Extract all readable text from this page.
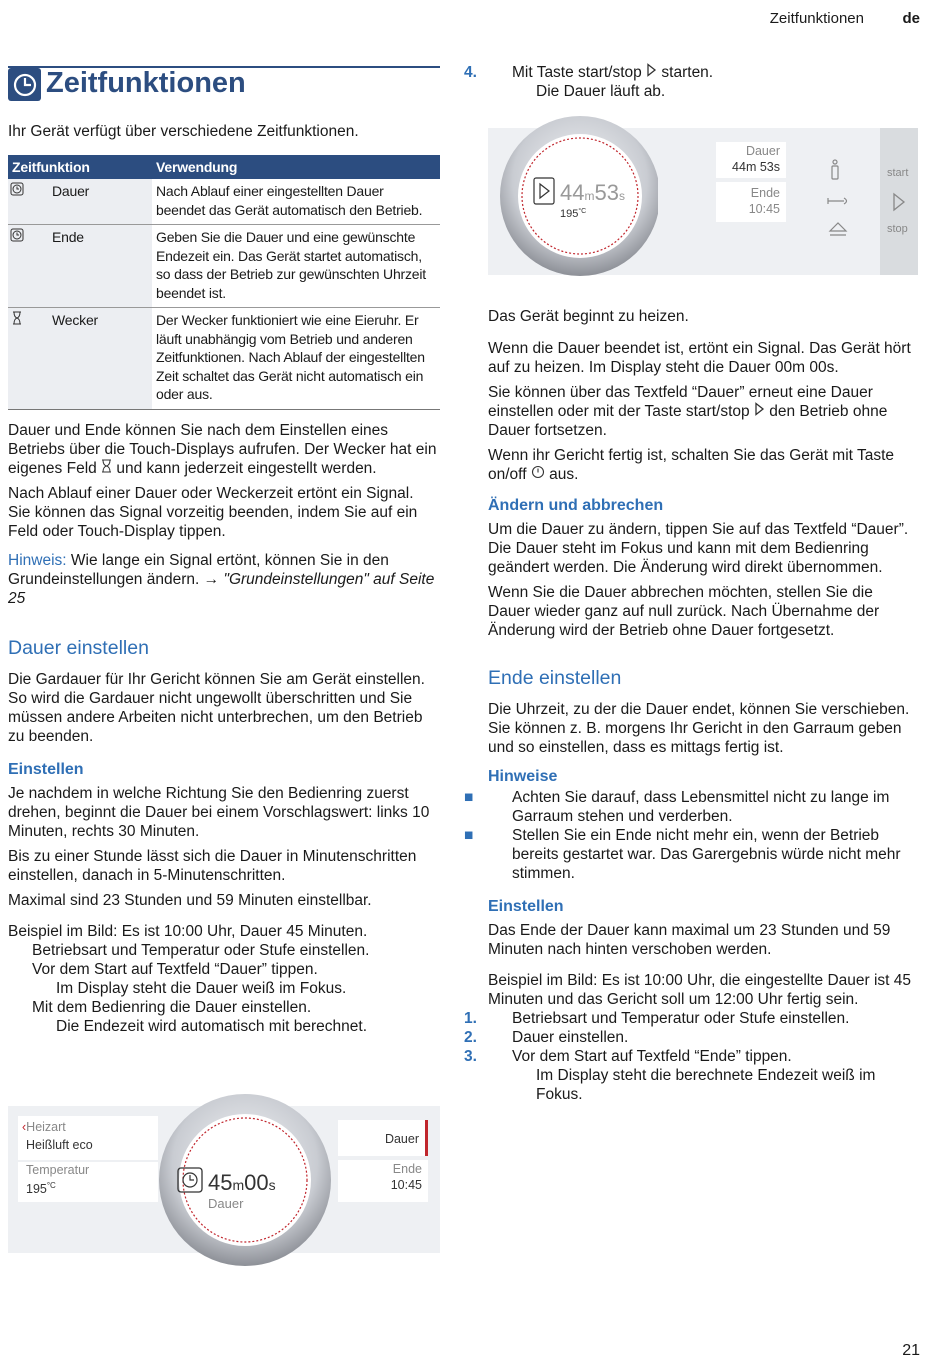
Zeitfunktionen	de
Zeitfunktionen

Ihr Gerät verfügt über verschiedene Zeitfunktionen.

Zeitfunktion		Verwendung
	Dauer	Nach Ablauf einer eingestellten Dauer beendet das Gerät automatisch den Betrieb.
	Ende	Geben Sie die Dauer und eine gewünschte Endezeit ein. Das Gerät startet automatisch, so dass der Betrieb zur gewünschten Uhrzeit beendet ist.
	Wecker	Der Wecker funktioniert wie eine Eieruhr. Er läuft unabhängig vom Betrieb und anderen Zeitfunktionen. Nach Ablauf der eingestellten Zeit schaltet das Gerät nicht automatisch ein oder aus.

Dauer und Ende können Sie nach dem Einstellen eines Betriebs über die Touch-Displays aufrufen. Der Wecker hat ein eigenes Feld und kann jederzeit eingestellt werden.

Nach Ablauf einer Dauer oder Weckerzeit ertönt ein Signal. Sie können das Signal vorzeitig beenden, indem Sie auf ein Feld oder Touch-Display tippen.

Hinweis: Wie lange ein Signal ertönt, können Sie in den Grundeinstellungen ändern. → "Grundeinstellungen" auf Seite 25

Dauer einstellen

Die Gardauer für Ihr Gericht können Sie am Gerät einstellen. So wird die Gardauer nicht ungewollt überschritten und Sie müssen andere Arbeiten nicht unterbrechen, um den Betrieb zu beenden.

Einstellen

Je nachdem in welche Richtung Sie den Bedienring zuerst drehen, beginnt die Dauer bei einem Vorschlagswert: links 10 Minuten, rechts 30 Minuten.

Bis zu einer Stunde lässt sich die Dauer in Minutenschritten einstellen, danach in 5-Minutenschritten.

Maximal sind 23 Stunden und 59 Minuten einstellbar.

Beispiel im Bild: Es ist 10:00 Uhr, Dauer 45 Minuten.

Betriebsart und Temperatur oder Stufe einstellen.
Vor dem Start auf Textfeld “Dauer” tippen.
Im Display steht die Dauer weiß im Fokus.
Mit dem Bedienring die Dauer einstellen.
Die Endezeit wird automatisch mit berechnet.
‹Heizart
Heißluft eco
Temperatur
$195^{^\circ C}$
Dauer
Ende
10:45
45m00s
Dauer
4. Mit Taste start/stop starten.
Die Dauer läuft ab.
44m53s
$195^{^\circ C}$
Dauer
44m 53s
Ende
10:45
start
stop

Das Gerät beginnt zu heizen.

Wenn die Dauer beendet ist, ertönt ein Signal. Das Gerät hört auf zu heizen. Im Display steht die Dauer 00m 00s.

Sie können über das Textfeld “Dauer” erneut eine Dauer einstellen oder mit der Taste start/stop den Betrieb ohne Dauer fortsetzen.

Wenn ihr Gericht fertig ist, schalten Sie das Gerät mit Taste on/off aus.

Ändern und abbrechen

Um die Dauer zu ändern, tippen Sie auf das Textfeld “Dauer”. Die Dauer steht im Fokus und kann mit dem Bedienring geändert werden. Die Änderung wird direkt übernommen.

Wenn Sie die Dauer abbrechen möchten, stellen Sie die Dauer wieder ganz auf null zurück. Nach Übernahme der Änderung wird der Betrieb ohne Dauer fortgesetzt.

Ende einstellen

Die Uhrzeit, zu der die Dauer endet, können Sie verschieben. Sie können z. B. morgens Ihr Gericht in den Garraum geben und so einstellen, dass es mittags fertig ist.

Hinweise
■ Achten Sie darauf, dass Lebensmittel nicht zu lange im Garraum stehen und verderben.
■ Stellen Sie ein Ende nicht mehr ein, wenn der Betrieb bereits gestartet war. Das Garergebnis würde nicht mehr stimmen.
Einstellen

Das Ende der Dauer kann maximal um 23 Stunden und 59 Minuten nach hinten verschoben werden.

Beispiel im Bild: Es ist 10:00 Uhr, die eingestellte Dauer ist 45 Minuten und das Gericht soll um 12:00 Uhr fertig sein.

1. Betriebsart und Temperatur oder Stufe einstellen.
2. Dauer einstellen.
3. Vor dem Start auf Textfeld “Ende” tippen.
Im Display steht die berechnete Endezeit weiß im Fokus.
21
